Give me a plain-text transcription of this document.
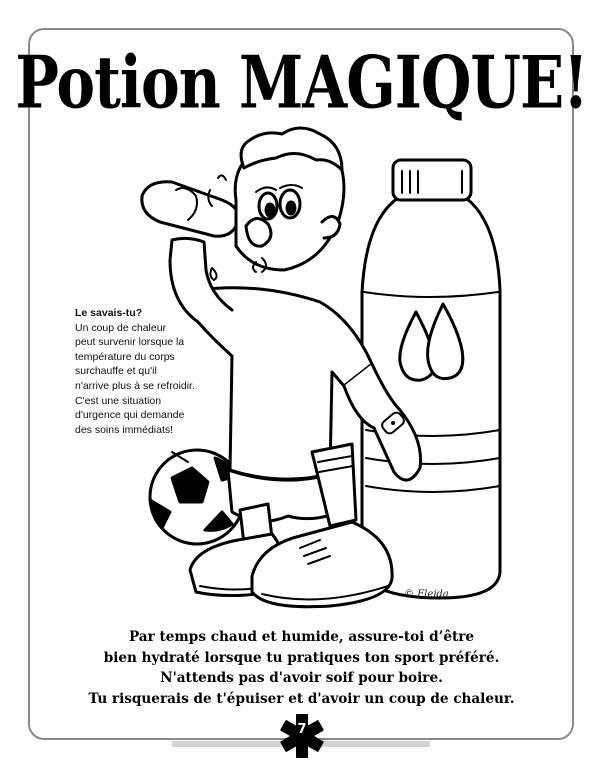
Potion MAGIQUE!
Le savais-tu?
Un coup de chaleur
peut survenir lorsque la
température du corps
surchauffe et qu'il
n'arrive plus à se refroidir.
C'est une situation
d'urgence qui demande
des soins immédiats!
© Flejda
Par temps chaud et humide, assure-toi d’être
bien hydraté lorsque tu pratiques ton sport préféré.
N'attends pas d'avoir soif pour boire.
Tu risquerais de t'épuiser et d'avoir un coup de chaleur.
7
